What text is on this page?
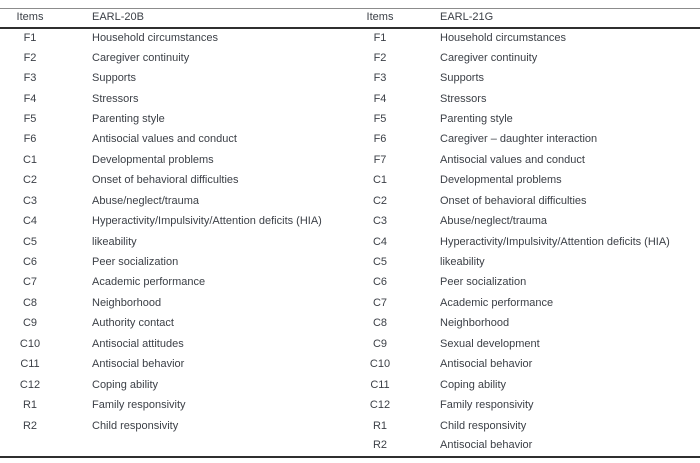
Items	EARL-20B	Items	EARL-21G
F1	Household circumstances	F1	Household circumstances
F2	Caregiver continuity	F2	Caregiver continuity
F3	Supports	F3	Supports
F4	Stressors	F4	Stressors
F5	Parenting style	F5	Parenting style
F6	Antisocial values and conduct	F6	Caregiver – daughter interaction
C1	Developmental problems	F7	Antisocial values and conduct
C2	Onset of behavioral difficulties	C1	Developmental problems
C3	Abuse/neglect/trauma	C2	Onset of behavioral difficulties
C4	Hyperactivity/Impulsivity/Attention deficits (HIA)	C3	Abuse/neglect/trauma
C5	likeability	C4	Hyperactivity/Impulsivity/Attention deficits (HIA)
C6	Peer socialization	C5	likeability
C7	Academic performance	C6	Peer socialization
C8	Neighborhood	C7	Academic performance
C9	Authority contact	C8	Neighborhood
C10	Antisocial attitudes	C9	Sexual development
C11	Antisocial behavior	C10	Antisocial behavior
C12	Coping ability	C11	Coping ability
R1	Family responsivity	C12	Family responsivity
R2	Child responsivity	R1	Child responsivity
		R2	Antisocial behavior
